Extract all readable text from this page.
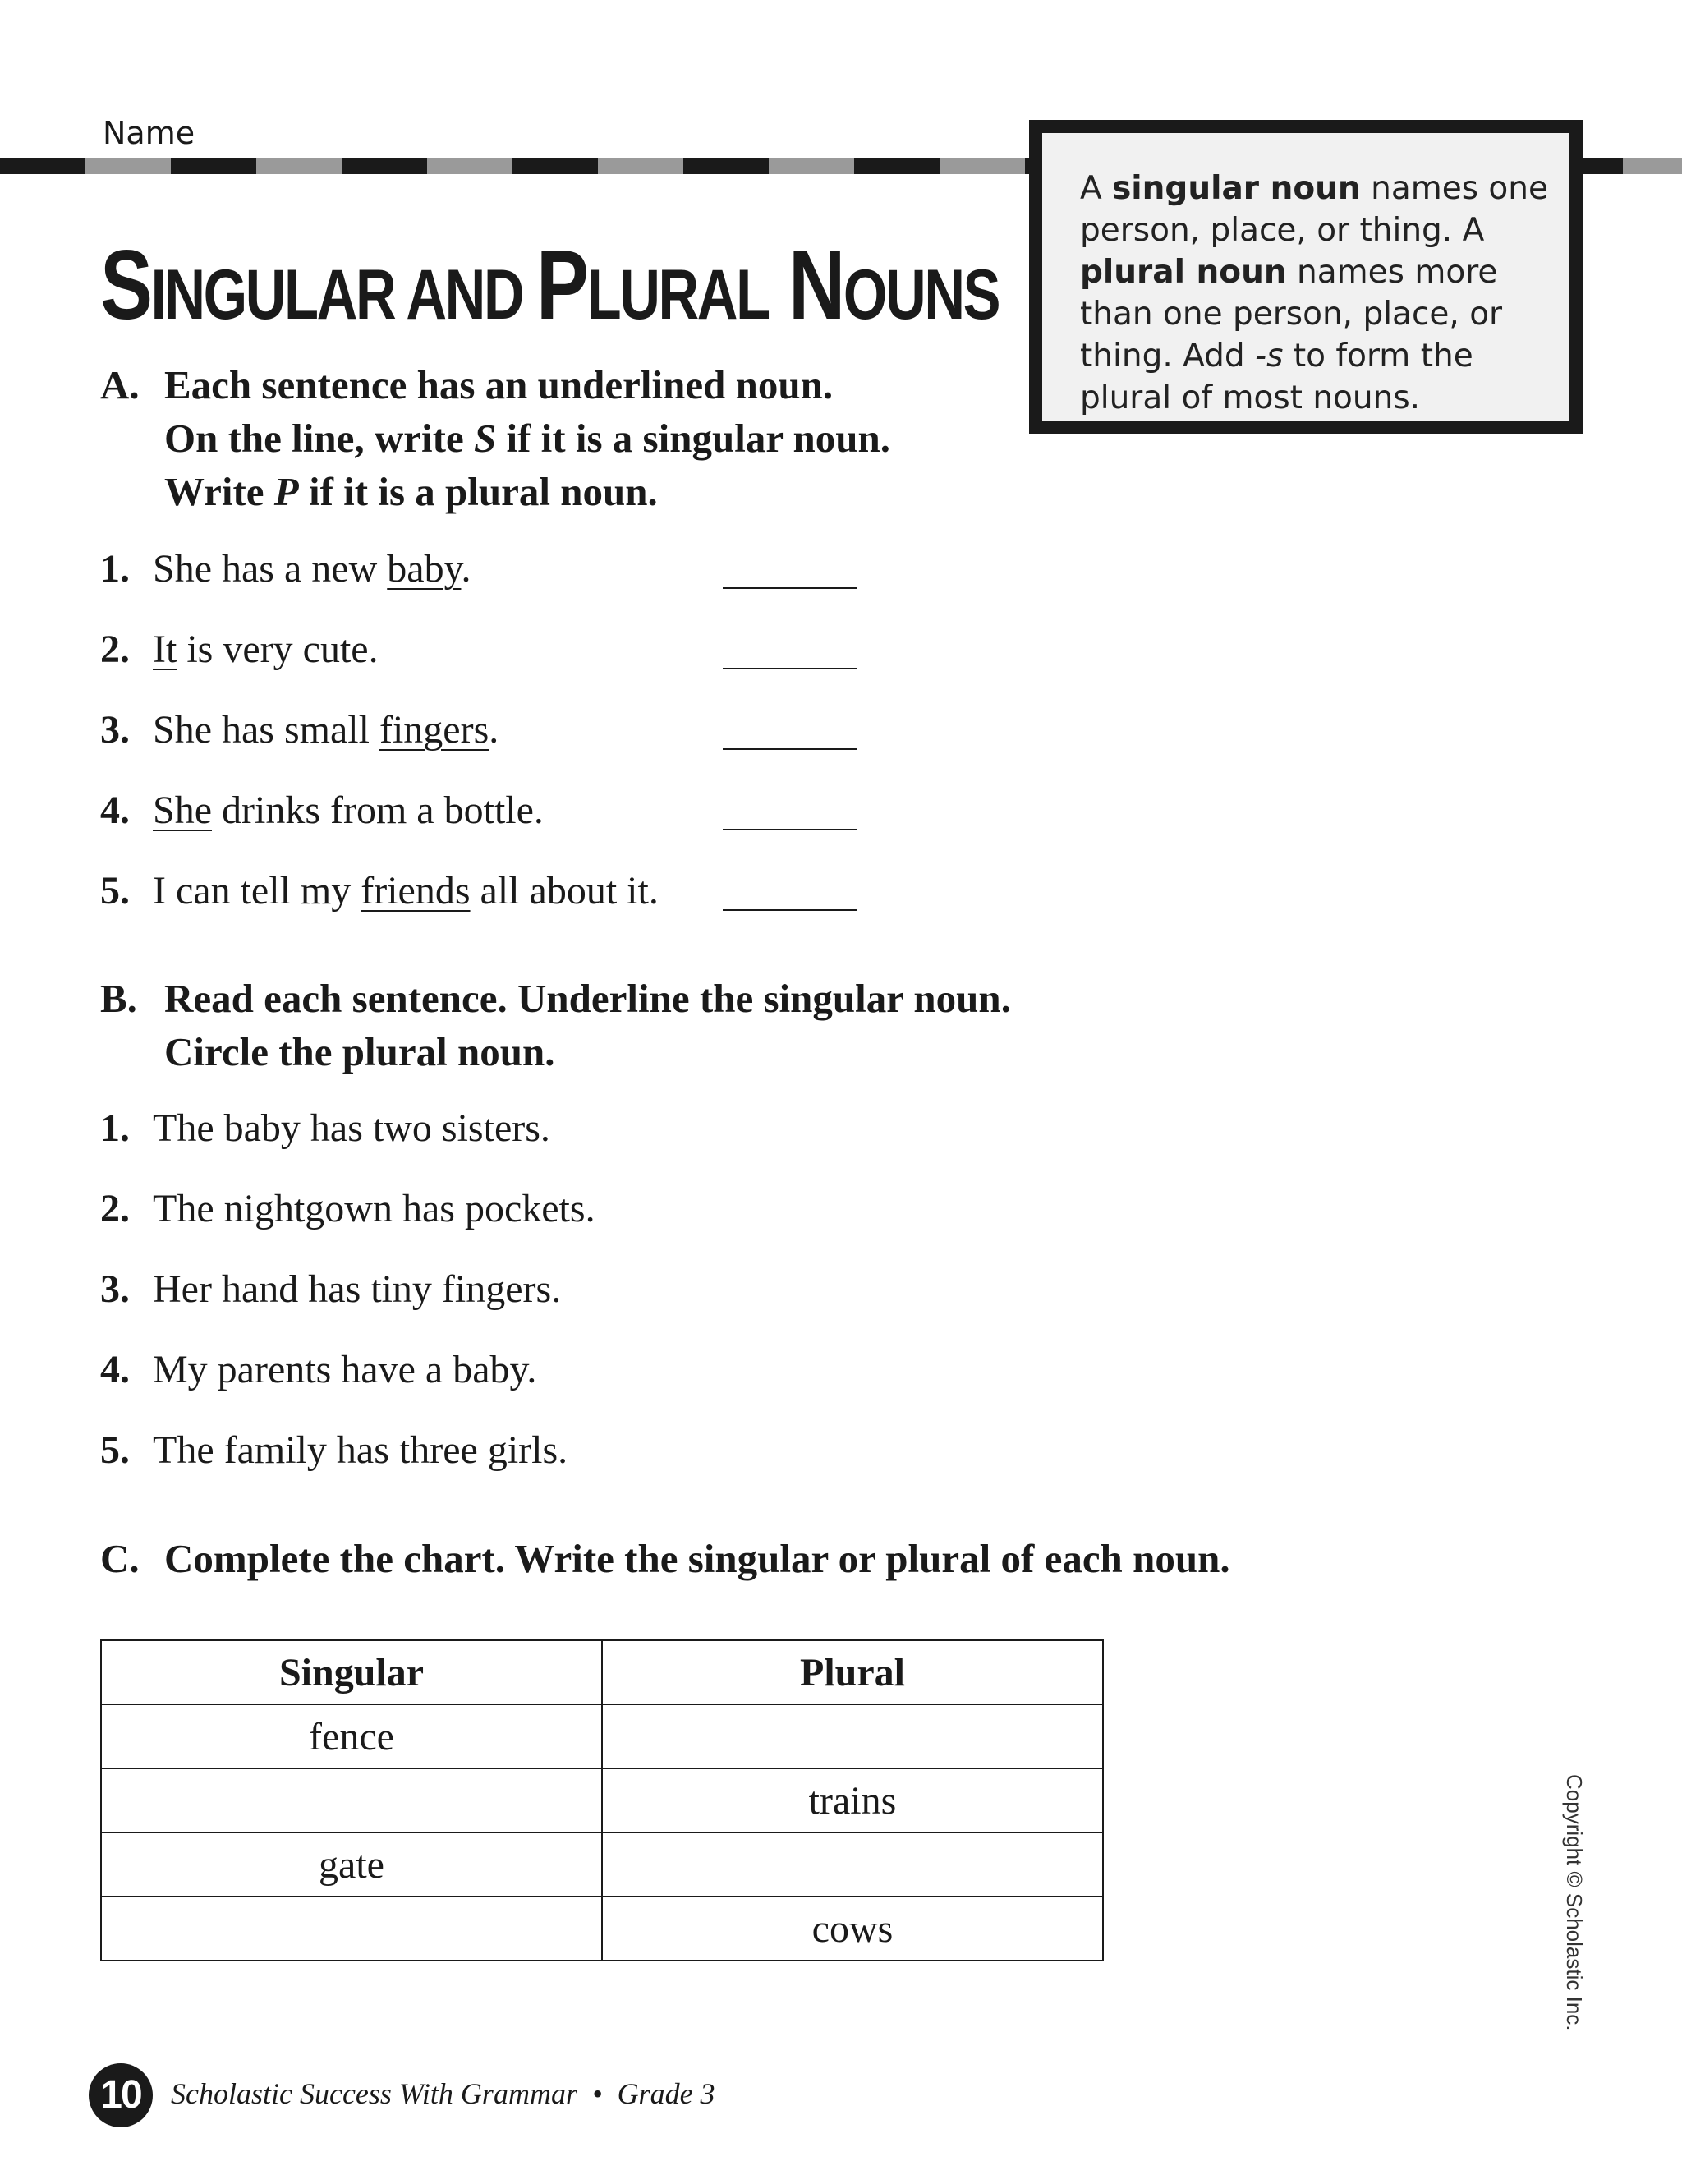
Name
A singular noun names one person, place, or thing. A plural noun names more than one person, place, or thing. Add -s to form the plural of most nouns.
SINGULAR AND PLURAL NOUNS
A. Each sentence has an underlined noun.
On the line, write S if it is a singular noun.
Write P if it is a plural noun.
1. She has a new baby.
2. It is very cute.
3. She has small fingers.
4. She drinks from a bottle.
5. I can tell my friends all about it.
B. Read each sentence. Underline the singular noun.
Circle the plural noun.
1. The baby has two sisters.
2. The nightgown has pockets.
3. Her hand has tiny fingers.
4. My parents have a baby.
5. The family has three girls.
C. Complete the chart. Write the singular or plural of each noun.
Singular	Plural
fence	
	trains
gate	
	cows	Copyright © Scholastic Inc.
10	Scholastic Success With Grammar • Grade 3
